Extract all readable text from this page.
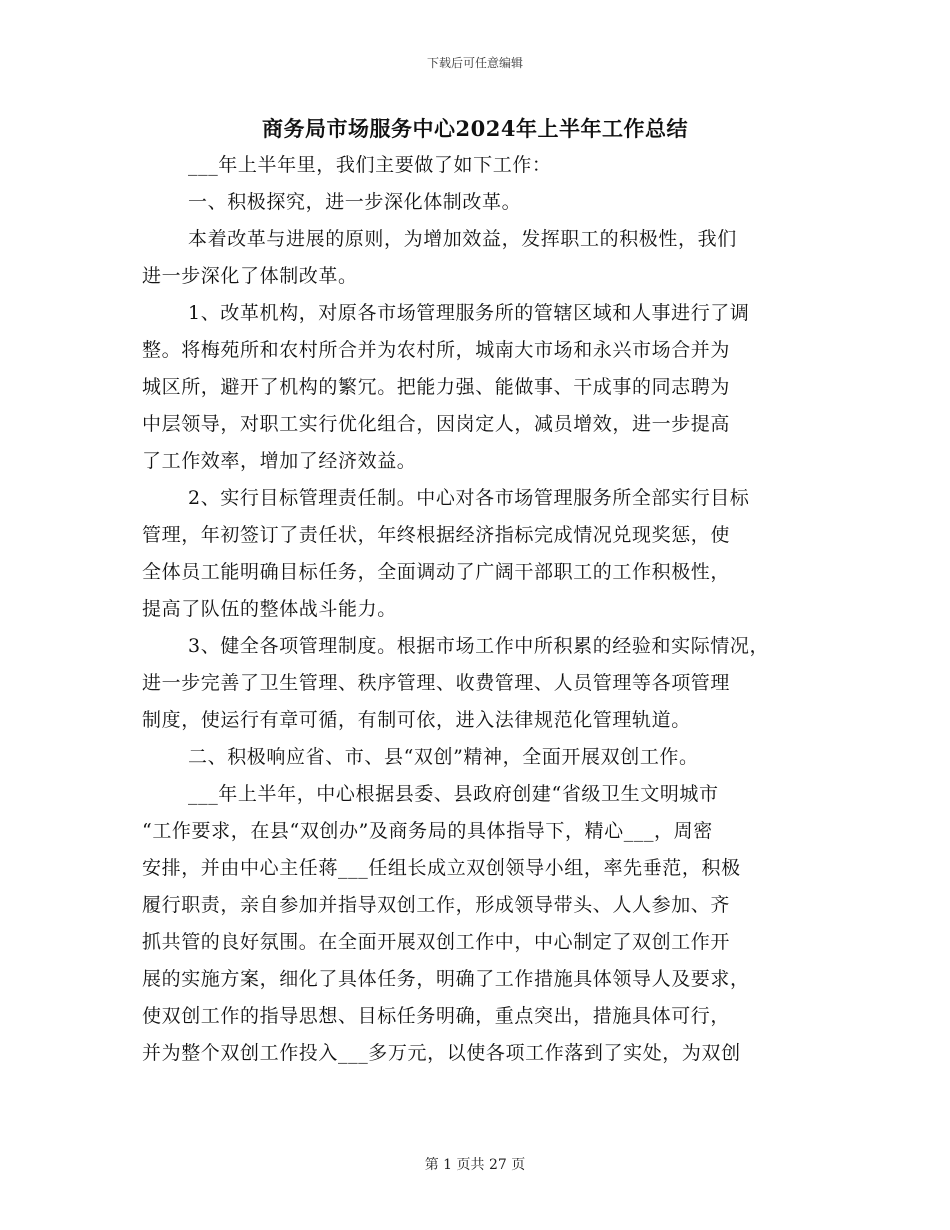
下载后可任意编辑
商务局市场服务中心2024年上半年工作总结
___年上半年里，我们主要做了如下工作：
一、积极探究，进一步深化体制改革。
本着改革与进展的原则，为增加效益，发挥职工的积极性，我们
进一步深化了体制改革。
1、改革机构，对原各市场管理服务所的管辖区域和人事进行了调
整。将梅苑所和农村所合并为农村所，城南大市场和永兴市场合并为
城区所，避开了机构的繁冗。把能力强、能做事、干成事的同志聘为
中层领导，对职工实行优化组合，因岗定人，减员增效，进一步提高
了工作效率，增加了经济效益。
2、实行目标管理责任制。中心对各市场管理服务所全部实行目标
管理，年初签订了责任状，年终根据经济指标完成情况兑现奖惩，使
全体员工能明确目标任务，全面调动了广阔干部职工的工作积极性，
提高了队伍的整体战斗能力。
3、健全各项管理制度。根据市场工作中所积累的经验和实际情况，
进一步完善了卫生管理、秩序管理、收费管理、人员管理等各项管理
制度，使运行有章可循，有制可依，进入法律规范化管理轨道。
二、积极响应省、市、县“双创”精神，全面开展双创工作。
___年上半年，中心根据县委、县政府创建“省级卫生文明城市
“工作要求，在县“双创办”及商务局的具体指导下，精心___，周密
安排，并由中心主任蒋___任组长成立双创领导小组，率先垂范，积极
履行职责，亲自参加并指导双创工作，形成领导带头、人人参加、齐
抓共管的良好氛围。在全面开展双创工作中，中心制定了双创工作开
展的实施方案，细化了具体任务，明确了工作措施具体领导人及要求，
使双创工作的指导思想、目标任务明确，重点突出，措施具体可行，
并为整个双创工作投入___多万元，以使各项工作落到了实处，为双创
第 1 页共 27 页
